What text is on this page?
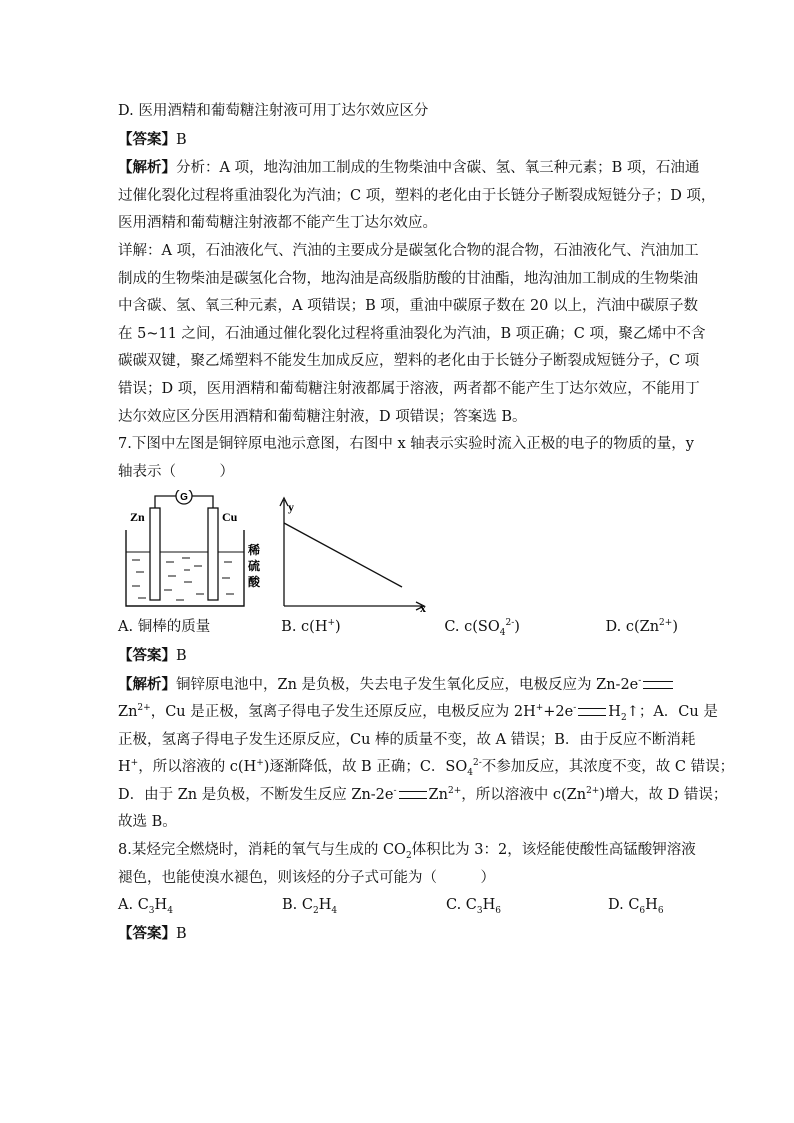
D. 医用酒精和葡萄糖注射液可用丁达尔效应区分
【答案】B
【解析】分析：A 项，地沟油加工制成的生物柴油中含碳、氢、氧三种元素；B 项，石油通
过催化裂化过程将重油裂化为汽油；C 项，塑料的老化由于长链分子断裂成短链分子；D 项，
医用酒精和葡萄糖注射液都不能产生丁达尔效应。
详解：A 项，石油液化气、汽油的主要成分是碳氢化合物的混合物，石油液化气、汽油加工
制成的生物柴油是碳氢化合物，地沟油是高级脂肪酸的甘油酯，地沟油加工制成的生物柴油
中含碳、氢、氧三种元素，A 项错误；B 项，重油中碳原子数在 20 以上，汽油中碳原子数
在 5~11 之间，石油通过催化裂化过程将重油裂化为汽油，B 项正确；C 项，聚乙烯中不含
碳碳双键，聚乙烯塑料不能发生加成反应，塑料的老化由于长链分子断裂成短链分子，C 项
错误；D 项，医用酒精和葡萄糖注射液都属于溶液，两者都不能产生丁达尔效应，不能用丁
达尔效应区分医用酒精和葡萄糖注射液，D 项错误；答案选 B。
7.下图中左图是铜锌原电池示意图，右图中 x 轴表示实验时流入正极的电子的物质的量，y
轴表示（　　　）
G
Zn	Cu
稀
硫
酸
y
x
A. 铜棒的质量	B. c(H+)	C. $c(SO_4^{2-})$	D. $c(Zn^{2+})$
【答案】B
【解析】铜锌原电池中，Zn 是负极，失去电子发生氧化反应，电极反应为 Zn-2e-
$Zn^{2+}$，Cu 是正极，氢离子得电子发生还原反应，电极反应为 2H++2e- $H_2↑$；A．Cu 是
正极，氢离子得电子发生还原反应，Cu 棒的质量不变，故 A 错误；B．由于反应不断消耗
H+，所以溶液的 c(H+)逐渐降低，故 B 正确；C．$SO_4^{2-}$不参加反应，其浓度不变，故 C 错误；
D．由于 Zn 是负极，不断发生反应 Zn-2e- $Zn^{2+}$，所以溶液中 $c(Zn^{2+})$增大，故 D 错误；
故选 B。
8.某烃完全燃烧时，消耗的氧气与生成的 $CO_2$体积比为 3：2，该烃能使酸性高锰酸钾溶液
褪色，也能使溴水褪色，则该烃的分子式可能为（　　　）
A. $C_3H_4$	B. $C_2H_4$	C. $C_3H_6$	D. $C_6H_6$
【答案】B
